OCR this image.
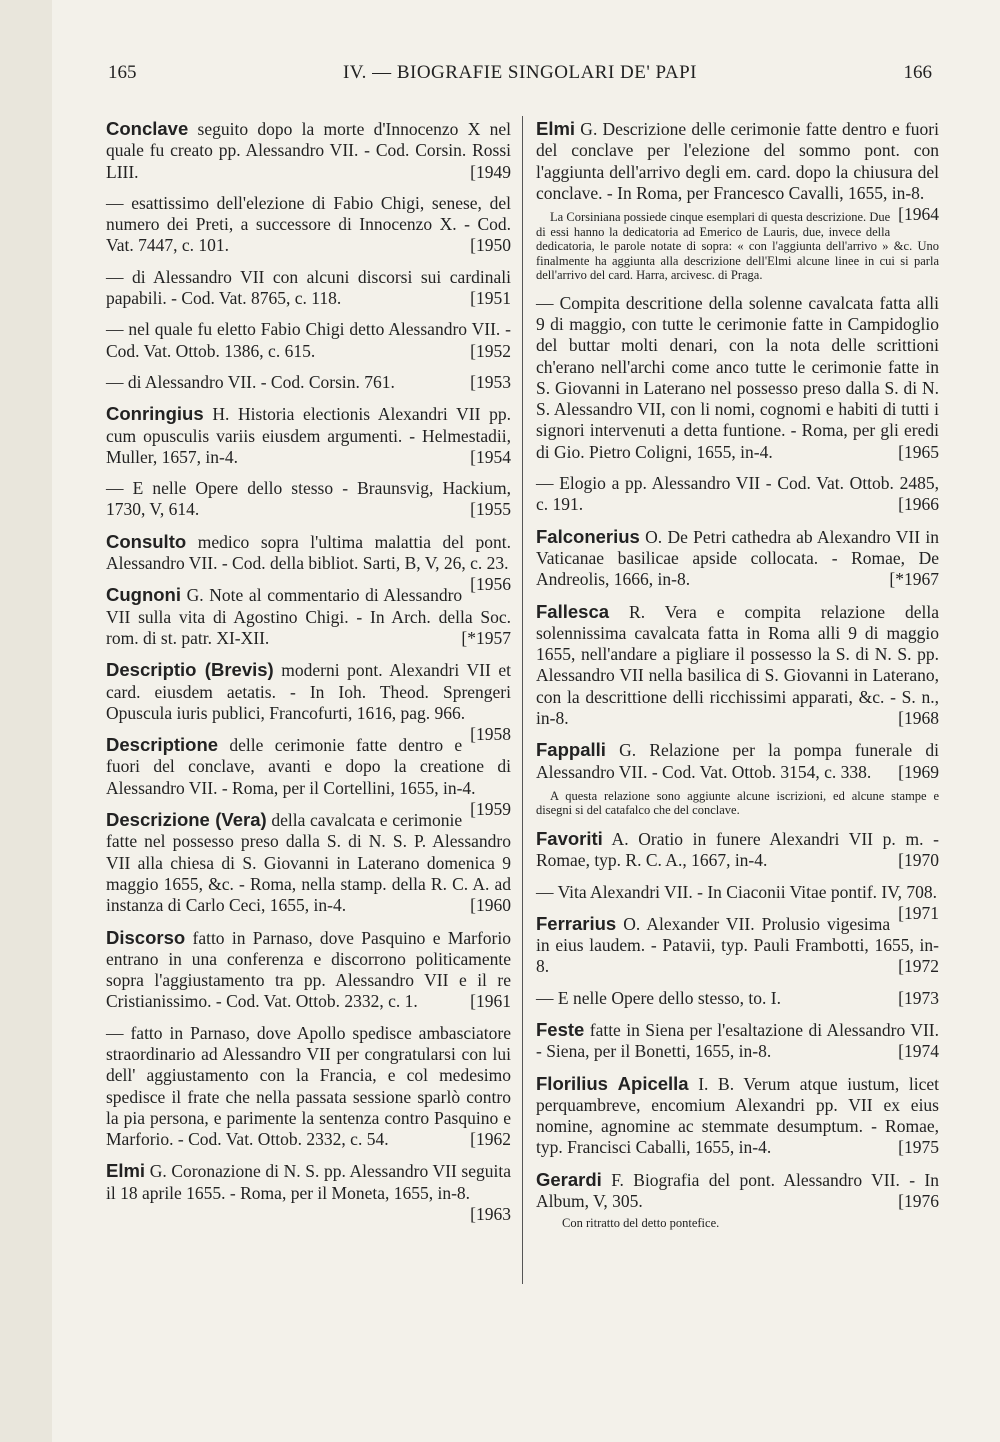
165	IV. — BIOGRAFIE SINGOLARI DE' PAPI	166

Conclave seguito dopo la morte d'Innocenzo X nel quale fu creato pp. Alessandro VII. - Cod. Corsin. Rossi LIII.	[1949

— esattissimo dell'elezione di Fabio Chigi, senese, del numero dei Preti, a successore di Innocenzo X. - Cod. Vat. 7447, c. 101.	[1950

— di Alessandro VII con alcuni discorsi sui cardinali papabili. - Cod. Vat. 8765, c. 118.	[1951

— nel quale fu eletto Fabio Chigi detto Alessandro VII. - Cod. Vat. Ottob. 1386, c. 615.	[1952

— di Alessandro VII. - Cod. Corsin. 761.	[1953

Conringius H. Historia electionis Alexandri VII pp. cum opusculis variis eiusdem argumenti. - Helmestadii, Muller, 1657, in-4.	[1954

— E nelle Opere dello stesso - Braunsvig, Hackium, 1730, V, 614.	[1955

Consulto medico sopra l'ultima malattia del pont. Alessandro VII. - Cod. della bibliot. Sarti, B, V, 26, c. 23.
[1956

Cugnoni G. Note al commentario di Alessandro VII sulla vita di Agostino Chigi. - In Arch. della Soc. rom. di st. patr. XI-XII.	[*1957

Descriptio (Brevis) moderni pont. Alexandri VII et card. eiusdem aetatis. - In Ioh. Theod. Sprengeri Opuscula iuris publici, Francofurti, 1616, pag. 966.
[1958

Descriptione delle cerimonie fatte dentro e fuori del conclave, avanti e dopo la creatione di Alessandro VII. - Roma, per il Cortellini, 1655, in-4.
[1959

Descrizione (Vera) della cavalcata e cerimonie fatte nel possesso preso dalla S. di N. S. P. Alessandro VII alla chiesa di S. Giovanni in Laterano domenica 9 maggio 1655, &c. - Roma, nella stamp. della R. C. A. ad instanza di Carlo Ceci, 1655, in-4.	[1960

Discorso fatto in Parnaso, dove Pasquino e Marforio entrano in una conferenza e discorrono politicamente sopra l'aggiustamento tra pp. Alessandro VII e il re Cristianissimo. - Cod. Vat. Ottob. 2332, c. 1.	[1961

— fatto in Parnaso, dove Apollo spedisce ambasciatore straordinario ad Alessandro VII per congratularsi con lui dell' aggiustamento con la Francia, e col medesimo spedisce il frate che nella passata sessione sparlò contro la pia persona, e parimente la sentenza contro Pasquino e Marforio. - Cod. Vat. Ottob. 2332, c. 54.	[1962

Elmi G. Coronazione di N. S. pp. Alessandro VII seguita il 18 aprile 1655. - Roma, per il Moneta, 1655, in-8.
[1963

Elmi G. Descrizione delle cerimonie fatte dentro e fuori del conclave per l'elezione del sommo pont. con l'aggiunta dell'arrivo degli em. card. dopo la chiusura del conclave. - In Roma, per Francesco Cavalli, 1655, in-8.
[1964

La Corsiniana possiede cinque esemplari di questa descrizione. Due di essi hanno la dedicatoria ad Emerico de Lauris, due, invece della dedicatoria, le parole notate di sopra: « con l'aggiunta dell'arrivo » &c. Uno finalmente ha aggiunta alla descrizione dell'Elmi alcune linee in cui si parla dell'arrivo del card. Harra, arcivesc. di Praga.

— Compita descritione della solenne cavalcata fatta alli 9 di maggio, con tutte le cerimonie fatte in Campidoglio del buttar molti denari, con la nota delle scrittioni ch'erano nell'archi come anco tutte le cerimonie fatte in S. Giovanni in Laterano nel possesso preso dalla S. di N. S. Alessandro VII, con li nomi, cognomi e habiti di tutti i signori intervenuti a detta funtione. - Roma, per gli eredi di Gio. Pietro Coligni, 1655, in-4.	[1965

— Elogio a pp. Alessandro VII - Cod. Vat. Ottob. 2485, c. 191.	[1966

Falconerius O. De Petri cathedra ab Alexandro VII in Vaticanae basilicae apside collocata. - Romae, De Andreolis, 1666, in-8.	[*1967

Fallesca R. Vera e compita relazione della solennissima cavalcata fatta in Roma alli 9 di maggio 1655, nell'andare a pigliare il possesso la S. di N. S. pp. Alessandro VII nella basilica di S. Giovanni in Laterano, con la descrittione delli ricchissimi apparati, &c. - S. n., in-8.	[1968

Fappalli G. Relazione per la pompa funerale di Alessandro VII. - Cod. Vat. Ottob. 3154, c. 338. [1969

A questa relazione sono aggiunte alcune iscrizioni, ed alcune stampe e disegni si del catafalco che del conclave.

Favoriti A. Oratio in funere Alexandri VII p. m. - Romae, typ. R. C. A., 1667, in-4.	[1970

— Vita Alexandri VII. - In Ciaconii Vitae pontif. IV, 708.
[1971

Ferrarius O. Alexander VII. Prolusio vigesima in eius laudem. - Patavii, typ. Pauli Frambotti, 1655, in-8.	[1972

— E nelle Opere dello stesso, to. I.	[1973

Feste fatte in Siena per l'esaltazione di Alessandro VII. - Siena, per il Bonetti, 1655, in-8.	[1974

Florilius Apicella I. B. Verum atque iustum, licet perquambreve, encomium Alexandri pp. VII ex eius nomine, agnomine ac stemmate desumptum. - Romae, typ. Francisci Caballi, 1655, in-4.	[1975

Gerardi F. Biografia del pont. Alessandro VII. - In Album, V, 305.	[1976

Con ritratto del detto pontefice.
